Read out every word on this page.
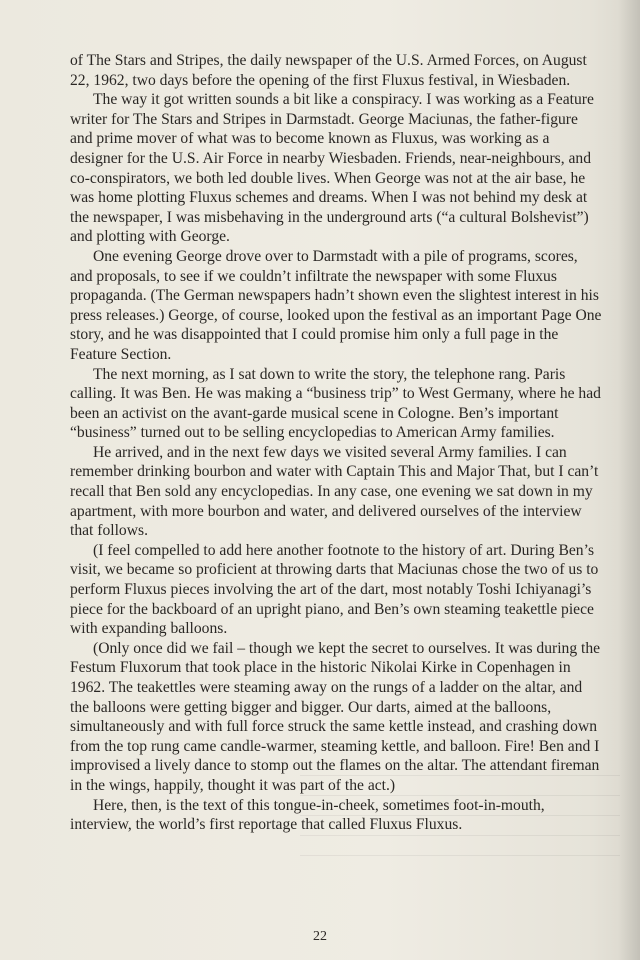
of The Stars and Stripes, the daily newspaper of the U.S. Armed Forces, on August 22, 1962, two days before the opening of the first Fluxus festival, in Wiesbaden.

The way it got written sounds a bit like a conspiracy. I was working as a Feature writer for The Stars and Stripes in Darmstadt. George Maciunas, the father-figure and prime mover of what was to become known as Fluxus, was working as a designer for the U.S. Air Force in nearby Wiesbaden. Friends, near-neighbours, and co-conspirators, we both led double lives. When George was not at the air base, he was home plotting Fluxus schemes and dreams. When I was not behind my desk at the newspaper, I was misbehaving in the underground arts (“a cultural Bolshevist”) and plotting with George.

One evening George drove over to Darmstadt with a pile of programs, scores, and proposals, to see if we couldn’t infiltrate the newspaper with some Fluxus propaganda. (The German newspapers hadn’t shown even the slightest interest in his press releases.) George, of course, looked upon the festival as an important Page One story, and he was disappointed that I could promise him only a full page in the Feature Section.

The next morning, as I sat down to write the story, the telephone rang. Paris calling. It was Ben. He was making a “business trip” to West Germany, where he had been an activist on the avant-garde musical scene in Cologne. Ben’s important “business” turned out to be selling encyclopedias to American Army families.

He arrived, and in the next few days we visited several Army families. I can remember drinking bourbon and water with Captain This and Major That, but I can’t recall that Ben sold any encyclopedias. In any case, one evening we sat down in my apartment, with more bourbon and water, and delivered ourselves of the interview that follows.

(I feel compelled to add here another footnote to the history of art. During Ben’s visit, we became so proficient at throwing darts that Maciunas chose the two of us to perform Fluxus pieces involving the art of the dart, most notably Toshi Ichiyanagi’s piece for the backboard of an upright piano, and Ben’s own steaming teakettle piece with expanding balloons.

(Only once did we fail – though we kept the secret to ourselves. It was during the Festum Fluxorum that took place in the historic Nikolai Kirke in Copenhagen in 1962. The teakettles were steaming away on the rungs of a ladder on the altar, and the balloons were getting bigger and bigger. Our darts, aimed at the balloons, simultaneously and with full force struck the same kettle instead, and crashing down from the top rung came candle-warmer, steaming kettle, and balloon. Fire! Ben and I improvised a lively dance to stomp out the flames on the altar. The attendant fireman in the wings, happily, thought it was part of the act.)

Here, then, is the text of this tongue-in-cheek, sometimes foot-in-mouth, interview, the world’s first reportage that called Fluxus Fluxus.

22
